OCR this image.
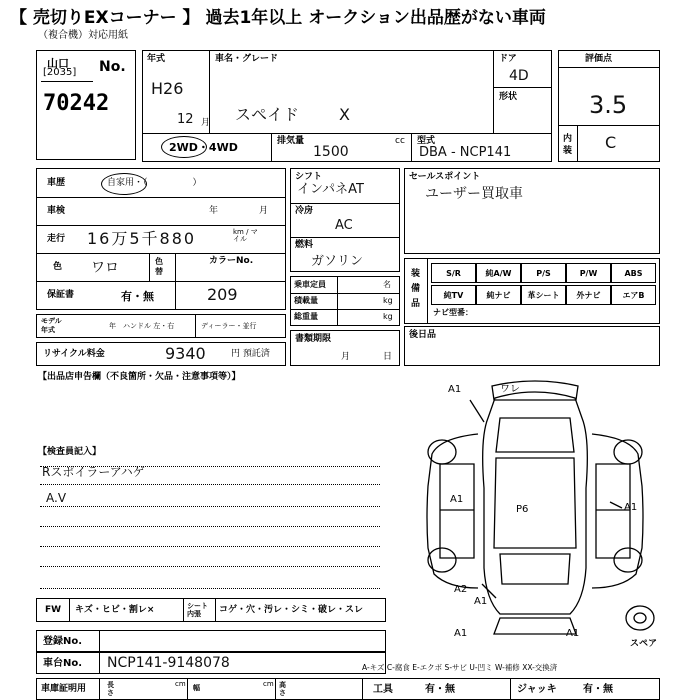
【 売切りEXコーナー 】 過去1年以上 オークション出品歴がない車両
（複合機）対応用紙
山口
[2035] No.
70242
年式
H26
12 月
車名・グレード
スペイド X
ドア
4D
形状
2WD・4WD	排気量	cc
1500
型式
DBA - NCP141
評価点
3.5
内装 C
車歴	自家用・（　　　　　）
車検	年	月
走行 16万5千880	km / マイル
色 ワロ	色替
カラーNo.
保証書	有・無	209
モデル年式	年 ハンドル 左・右	ディーラー・並行
リサイクル料金	9340	円 預託済
シフト
インパネAT
冷房
AC
燃料
ガソリン
乗車定員	名
積載量	kg
総重量	kg
書類期限
月	日
セールスポイント
ユーザー買取車
装備品
S/R	純A/W	P/S	P/W	ABS
純TV	純ナビ	革シート	外ナビ	エアB
ナビ型番：
後日品
【出品店申告欄（不良箇所・欠品・注意事項等）】
【検査員記入】
Rスポイラーアハゲ
A.V
A1	ワレ
A1
P6	A1
A2
A1
A1	A1
スペア
FW キズ・ヒビ・割レ×	シート内張	コゲ・穴・汚レ・シミ・破レ・スレ
登録No.
車台No. NCP141-9148078
車庫証明用	長さ
cm 幅	cm 高さ
A-キズ C-腐食 E-エクボ S-サビ U-凹ミ W-補修 XX-交換済
工具	有・無	ジャッキ	有・無
